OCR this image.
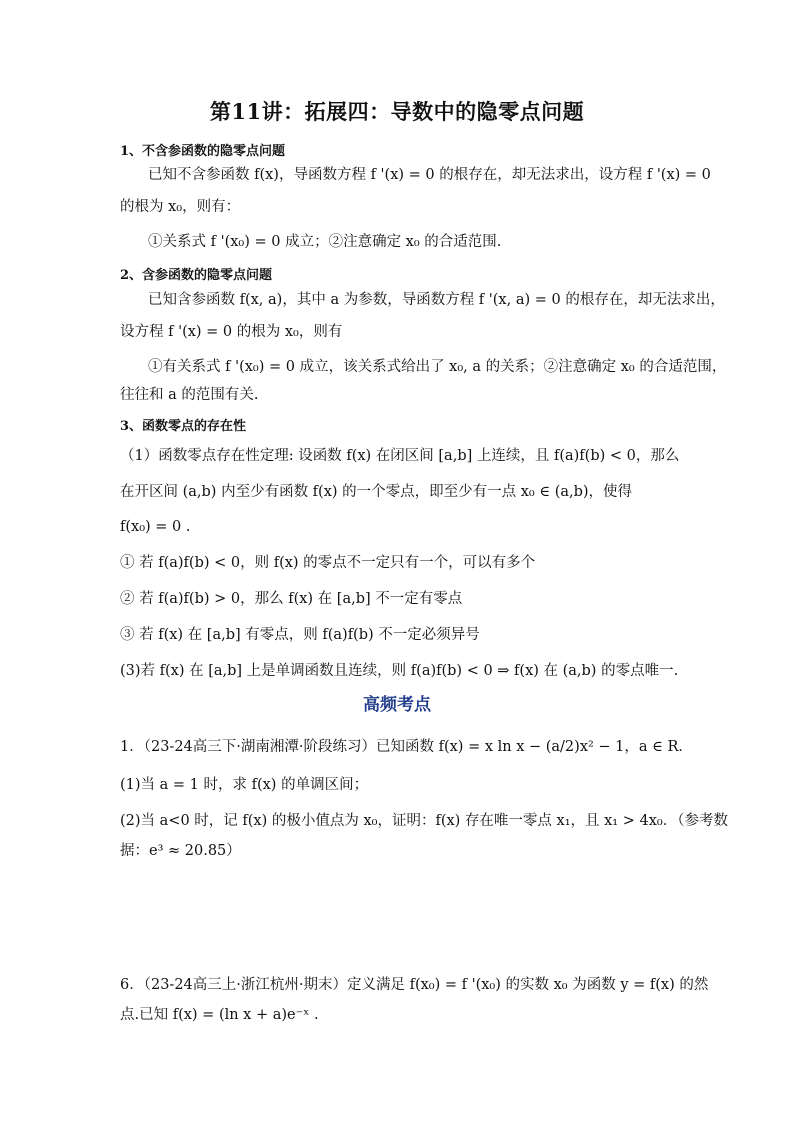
第11讲：拓展四：导数中的隐零点问题
1、不含参函数的隐零点问题
已知不含参函数 f(x)，导函数方程 f '(x) = 0 的根存在，却无法求出，设方程 f '(x) = 0
的根为 x₀，则有：
①关系式 f '(x₀) = 0 成立；②注意确定 x₀ 的合适范围.
2、含参函数的隐零点问题
已知含参函数 f(x, a)，其中 a 为参数，导函数方程 f '(x, a) = 0 的根存在，却无法求出，
设方程 f '(x) = 0 的根为 x₀，则有
①有关系式 f '(x₀) = 0 成立，该关系式给出了 x₀, a 的关系；②注意确定 x₀ 的合适范围，
往往和 a 的范围有关.
3、函数零点的存在性
（1）函数零点存在性定理: 设函数 f(x) 在闭区间 [a,b] 上连续，且 f(a)f(b) < 0，那么
在开区间 (a,b) 内至少有函数 f(x) 的一个零点，即至少有一点 x₀ ∈ (a,b)，使得
f(x₀) = 0 .
① 若 f(a)f(b) < 0，则 f(x) 的零点不一定只有一个，可以有多个
② 若 f(a)f(b) > 0，那么 f(x) 在 [a,b] 不一定有零点
③ 若 f(x) 在 [a,b] 有零点，则 f(a)f(b) 不一定必须异号
(3)若 f(x) 在 [a,b] 上是单调函数且连续，则 f(a)f(b) < 0 ⇒ f(x) 在 (a,b) 的零点唯一.
高频考点
1．（23-24高三下·湖南湘潭·阶段练习）已知函数 f(x) = x ln x − (a/2)x² − 1，a ∈ R．
(1)当 a = 1 时，求 f(x) 的单调区间；
(2)当 a<0 时，记 f(x) 的极小值点为 x₀，证明：f(x) 存在唯一零点 x₁，且 x₁ > 4x₀．（参考数
据：e³ ≈ 20.85）
6．（23-24高三上·浙江杭州·期末）定义满足 f(x₀) = f '(x₀) 的实数 x₀ 为函数 y = f(x) 的然
点.已知 f(x) = (ln x + a)e⁻ˣ .
